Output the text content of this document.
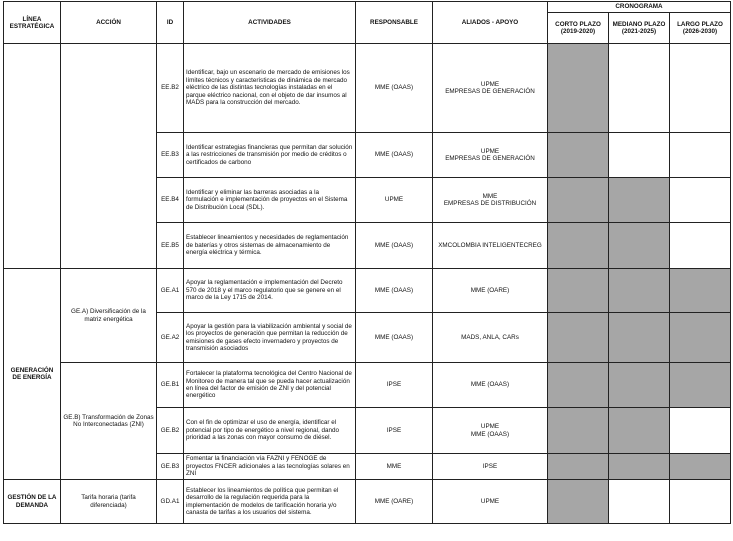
LÍNEA ESTRATÉGICA	ACCIÓN	ID	ACTIVIDADES	RESPONSABLE	ALIADOS - APOYO	CRONOGRAMA		
						CORTO PLAZO (2019-2020)	MEDIANO PLAZO (2021-2025)	LARGO PLAZO (2026-2030)
		EE.B2	Identificar, bajo un escenario de mercado de emisiones los límites técnicos y características de dinámica de mercado eléctrico de las distintas tecnologías instaladas en el parque eléctrico nacional, con el objeto de dar insumos al MADS para la construcción del mercado.	MME (OAAS)	UPME
EMPRESAS DE GENERACIÓN			

		EE.B3	Identificar estrategias financieras que permitan dar solución a las restricciones de transmisión por medio de créditos o certificados de carbono	MME (OAAS)	UPME
EMPRESAS DE GENERACIÓN			

		EE.B4	Identificar y eliminar las barreras asociadas a la formulación e implementación de proyectos en el Sistema de Distribución Local (SDL).	UPME	MME
EMPRESAS DE DISTRIBUCIÓN			

		EE.B5	Establecer lineamientos y necesidades de reglamentación de baterías y otros sistemas de almacenamiento de energía eléctrica y térmica.	MME (OAAS)	XMCOLOMBIA INTELIGENTECREG			

GENERACIÓN DE ENERGÍA	GE.A) Diversificación de la matriz energética	GE.A1	Apoyar la reglamentación e implementación del Decreto 570 de 2018 y el marco regulatorio que se genere en el marco de la Ley 1715 de 2014.	MME (OAAS)	MME (OARE)			

		GE.A2	Apoyar la gestión para la viabilización ambiental y social de los proyectos de generación que permitan la reducción de emisiones de gases efecto invernadero y proyectos de transmisión asociados	MME (OAAS)	MADS, ANLA, CARs			

	GE.B) Transformación de Zonas No Interconectadas (ZNI)	GE.B1	Fortalecer la plataforma tecnológica del Centro Nacional de Monitoreo de manera tal que se pueda hacer actualización en línea del factor de emisión de ZNI y del potencial energético	IPSE	MME (OAAS)			

		GE.B2	Con el fin de optimizar el uso de energía, identificar el potencial por tipo de energético a nivel regional, dando prioridad a las zonas con mayor consumo de diésel.	IPSE	UPME
MME (OAAS)			

		GE.B3	Fomentar la financiación vía FAZNI y FENOGE de proyectos FNCER adicionales a las tecnologías solares en ZNI	MME	IPSE			

GESTIÓN DE LA DEMANDA	Tarifa horaria (tarifa diferenciada)	GD.A1	Establecer los lineamientos de política que permitan el desarrollo de la regulación requerida para la implementación de modelos de tarificación horaria y/o canasta de tarifas a los usuarios del sistema.	MME (OARE)	UPME			
